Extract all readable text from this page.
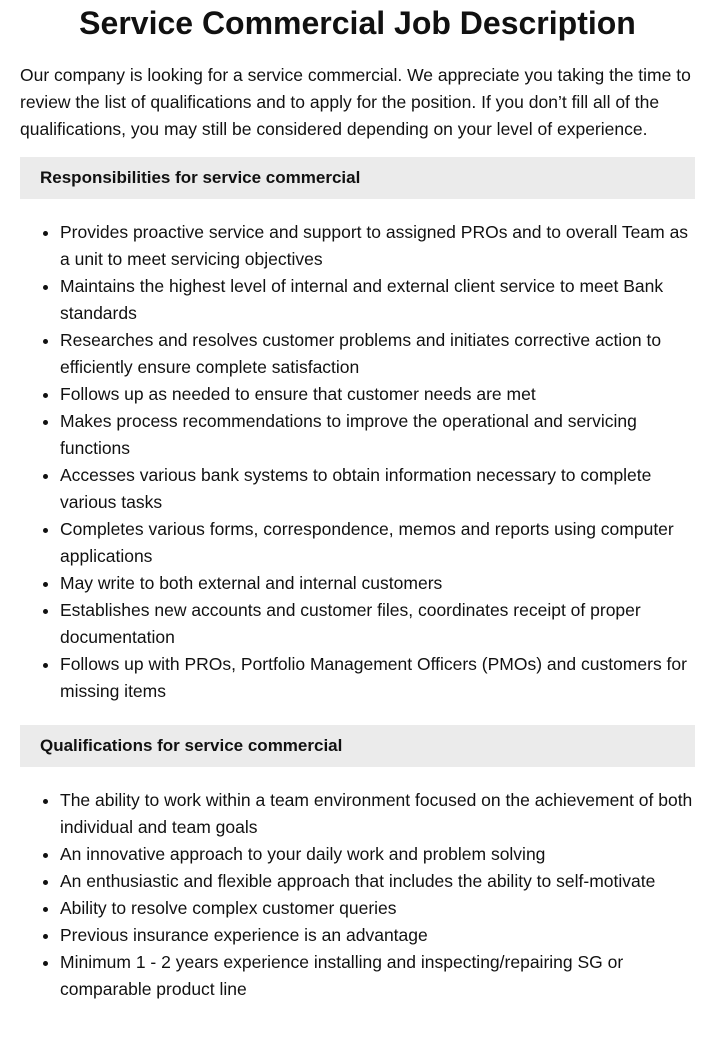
Service Commercial Job Description

Our company is looking for a service commercial. We appreciate you taking the time to review the list of qualifications and to apply for the position. If you don’t fill all of the qualifications, you may still be considered depending on your level of experience.

Responsibilities for service commercial
• Provides proactive service and support to assigned PROs and to overall Team as a unit to meet servicing objectives
• Maintains the highest level of internal and external client service to meet Bank standards
• Researches and resolves customer problems and initiates corrective action to efficiently ensure complete satisfaction
• Follows up as needed to ensure that customer needs are met
• Makes process recommendations to improve the operational and servicing functions
• Accesses various bank systems to obtain information necessary to complete various tasks
• Completes various forms, correspondence, memos and reports using computer applications
• May write to both external and internal customers
• Establishes new accounts and customer files, coordinates receipt of proper documentation
• Follows up with PROs, Portfolio Management Officers (PMOs) and customers for missing items
Qualifications for service commercial
• The ability to work within a team environment focused on the achievement of both individual and team goals
• An innovative approach to your daily work and problem solving
• An enthusiastic and flexible approach that includes the ability to self-motivate
• Ability to resolve complex customer queries
• Previous insurance experience is an advantage
• Minimum 1 - 2 years experience installing and inspecting/repairing SG or comparable product line
